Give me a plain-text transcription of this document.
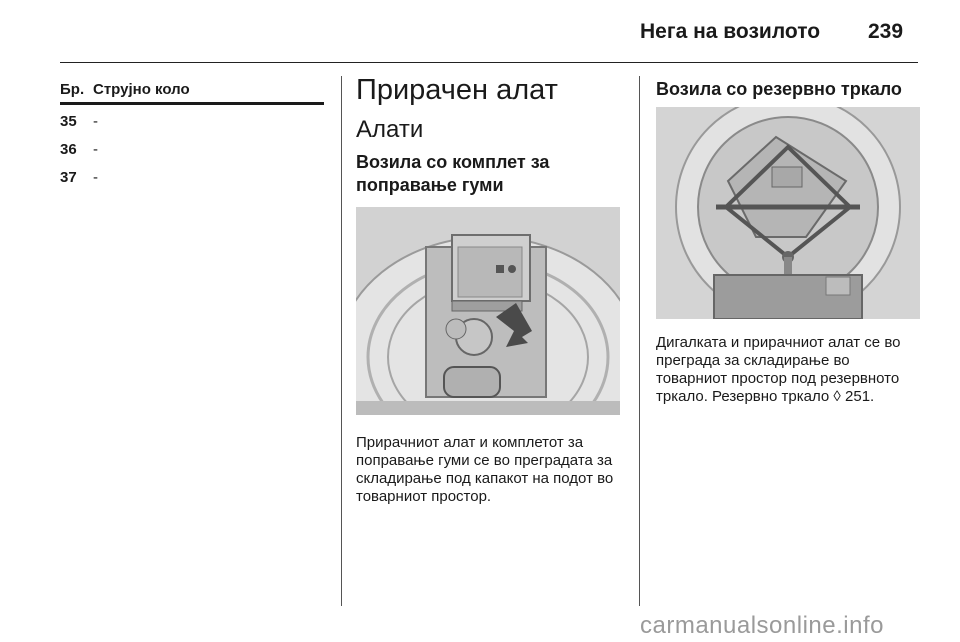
Нега на возилото 239
Бр. Струјно коло
35 -
36 -
37 -
Прирачен алат
Алати
Возила со комплет за поправање гуми
Прирачниот алат и комплетот за поправање гуми се во преградата за складирање под капакот на подот во товарниот простор.
Возила со резервно тркало
Дигалката и прирачниот алат се во преграда за складирање во товарниот простор под резервното тркало. Резервно тркало ◊ 251.
carmanualsonline.info
